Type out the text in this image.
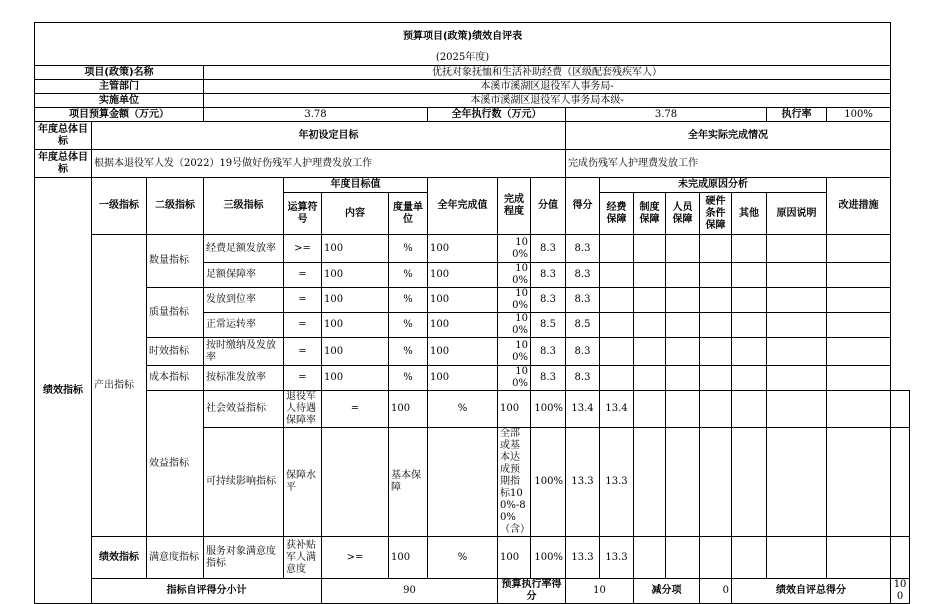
预算项目(政策)绩效自评表																		
(2025年度)																		
项目(政策)名称			优抚对象抚恤和生活补助经费（区级配套残疾军人）															
主管部门			本溪市溪湖区退役军人事务局-															
实施单位			本溪市溪湖区退役军人事务局本级-															
项目预算金额（万元）			3.78				全年执行数（万元）			3.78						执行率	100%	
年度总体目标	年初设定目标									全年实际完成情况								
年度总体目标	根据本退役军人发（2022）19号做好伤残军人护理费发放工作									完成伤残军人护理费发放工作								
绩效指标	一级指标	二级指标	三级指标	年度目标值			全年完成值	完成程度	分值	得分	未完成原因分析						改进措施	
				运算符号	内容	度量单位					经费保障	制度保障	人员保障	硬件条件保障	其他	原因说明		
	产出指标	数量指标	经费足额发放率	>=	100	%	100	100%	8.3	8.3								
			足额保障率	=	100	%	100	100%	8.3	8.3								
		质量指标	发放到位率	=	100	%	100	100%	8.3	8.3								
			正常运转率	=	100	%	100	100%	8.5	8.5								
		时效指标	按时缴纳及发放率	=	100	%	100	100%	8.3	8.3								
		成本指标	按标准发放率	=	100	%	100	100%	8.3	8.3								
		效益指标	社会效益指标	退役军人待遇保障率	=	100	%	100	100%	13.4	13.4							
			可持续影响指标	保障水平		基本保障		全部或基本达成预期指标100%-80%（含）	100%	13.3	13.3							
	绩效指标	满意度指标	服务对象满意度指标	获补贴军人满意度	>=	100	%	100	100%	13.3	13.3							
	指标自评得分小计				90			预算执行率得分		10		减分项		0	绩效自评总得分			100
